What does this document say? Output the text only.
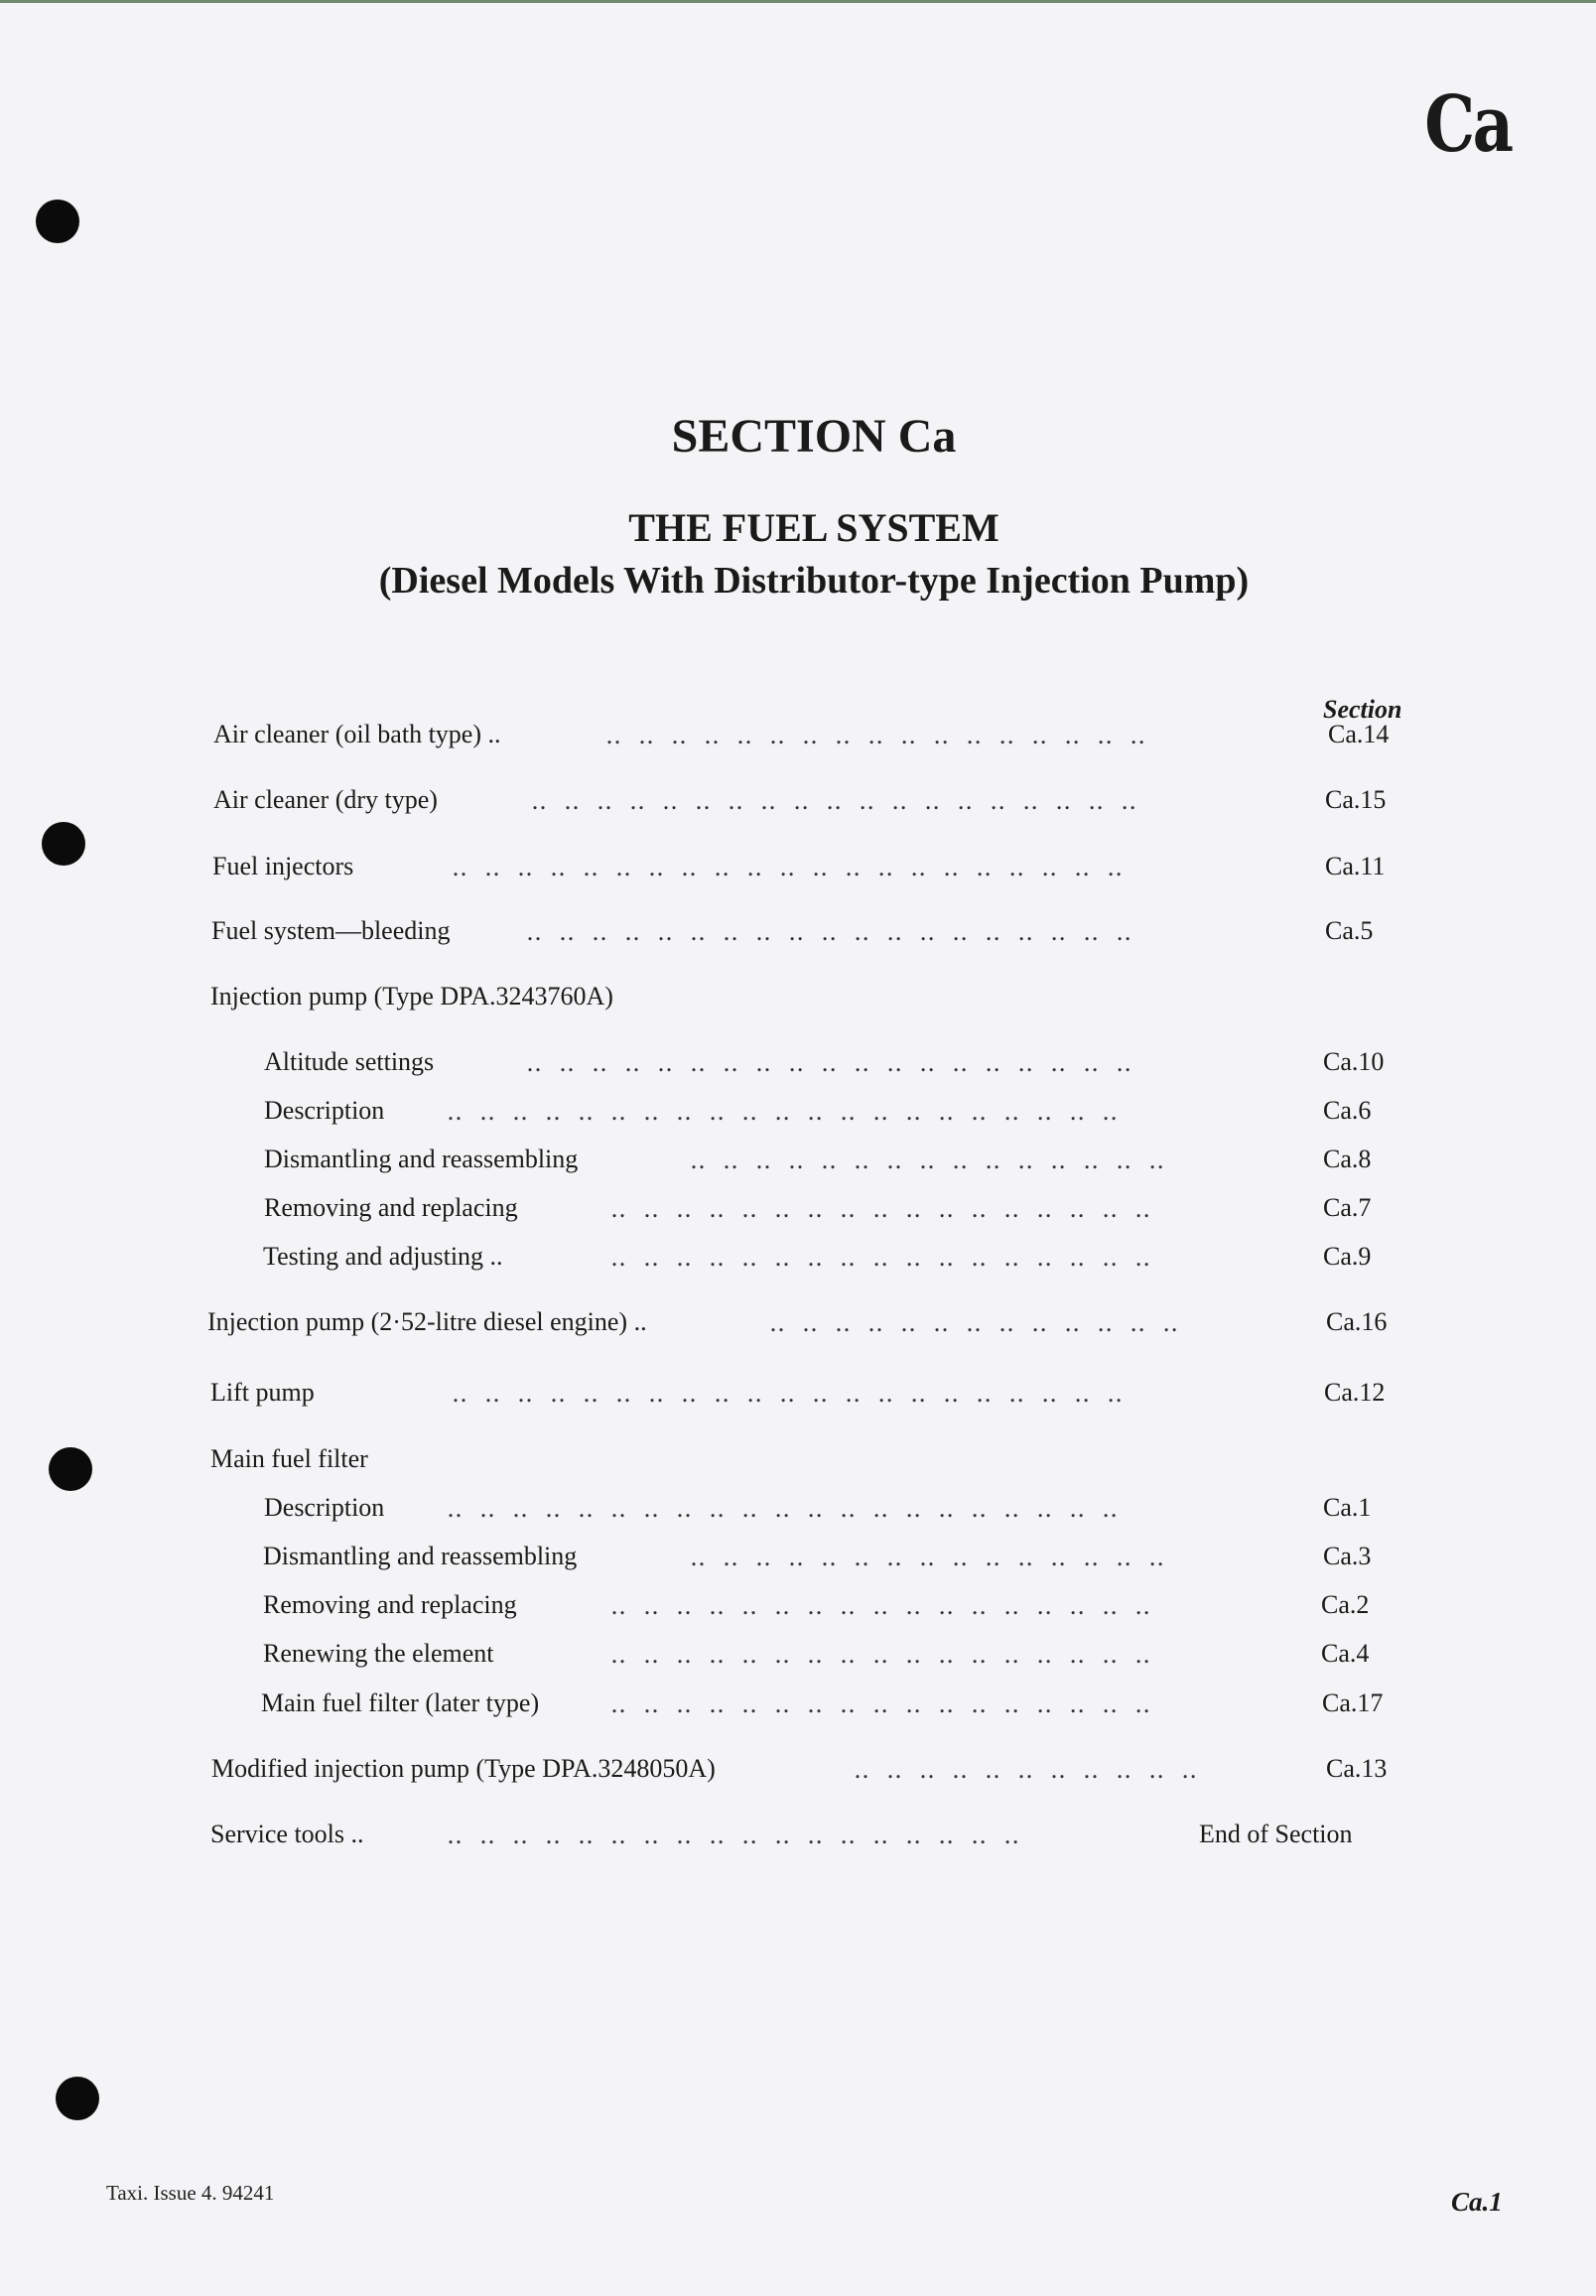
Ca
SECTION Ca
THE FUEL SYSTEM
(Diesel Models With Distributor-type Injection Pump)
Section
Air cleaner (oil bath type) ..	‥‥‥‥‥‥‥‥‥‥‥‥‥‥‥‥‥	Ca.14
Air cleaner (dry type)	‥‥‥‥‥‥‥‥‥‥‥‥‥‥‥‥‥‥‥	Ca.15
Fuel injectors	‥‥‥‥‥‥‥‥‥‥‥‥‥‥‥‥‥‥‥‥‥	Ca.11
Fuel system—bleeding	‥‥‥‥‥‥‥‥‥‥‥‥‥‥‥‥‥‥‥	Ca.5
Injection pump (Type DPA.3243760A)
Altitude settings	‥‥‥‥‥‥‥‥‥‥‥‥‥‥‥‥‥‥‥	Ca.10
Description	‥‥‥‥‥‥‥‥‥‥‥‥‥‥‥‥‥‥‥‥‥	Ca.6
Dismantling and reassembling	‥‥‥‥‥‥‥‥‥‥‥‥‥‥‥	Ca.8
Removing and replacing	‥‥‥‥‥‥‥‥‥‥‥‥‥‥‥‥‥	Ca.7
Testing and adjusting ..	‥‥‥‥‥‥‥‥‥‥‥‥‥‥‥‥‥	Ca.9
Injection pump (2·52-litre diesel engine) ..	‥‥‥‥‥‥‥‥‥‥‥‥‥	Ca.16
Lift pump	‥‥‥‥‥‥‥‥‥‥‥‥‥‥‥‥‥‥‥‥‥	Ca.12
Main fuel filter
Description	‥‥‥‥‥‥‥‥‥‥‥‥‥‥‥‥‥‥‥‥‥	Ca.1
Dismantling and reassembling	‥‥‥‥‥‥‥‥‥‥‥‥‥‥‥	Ca.3
Removing and replacing	‥‥‥‥‥‥‥‥‥‥‥‥‥‥‥‥‥	Ca.2
Renewing the element	‥‥‥‥‥‥‥‥‥‥‥‥‥‥‥‥‥	Ca.4
Main fuel filter (later type)	‥‥‥‥‥‥‥‥‥‥‥‥‥‥‥‥‥	Ca.17
Modified injection pump (Type DPA.3248050A)	‥‥‥‥‥‥‥‥‥‥‥	Ca.13
Service tools ..	‥‥‥‥‥‥‥‥‥‥‥‥‥‥‥‥‥‥	End of Section
Taxi. Issue 4. 94241	Ca.1
